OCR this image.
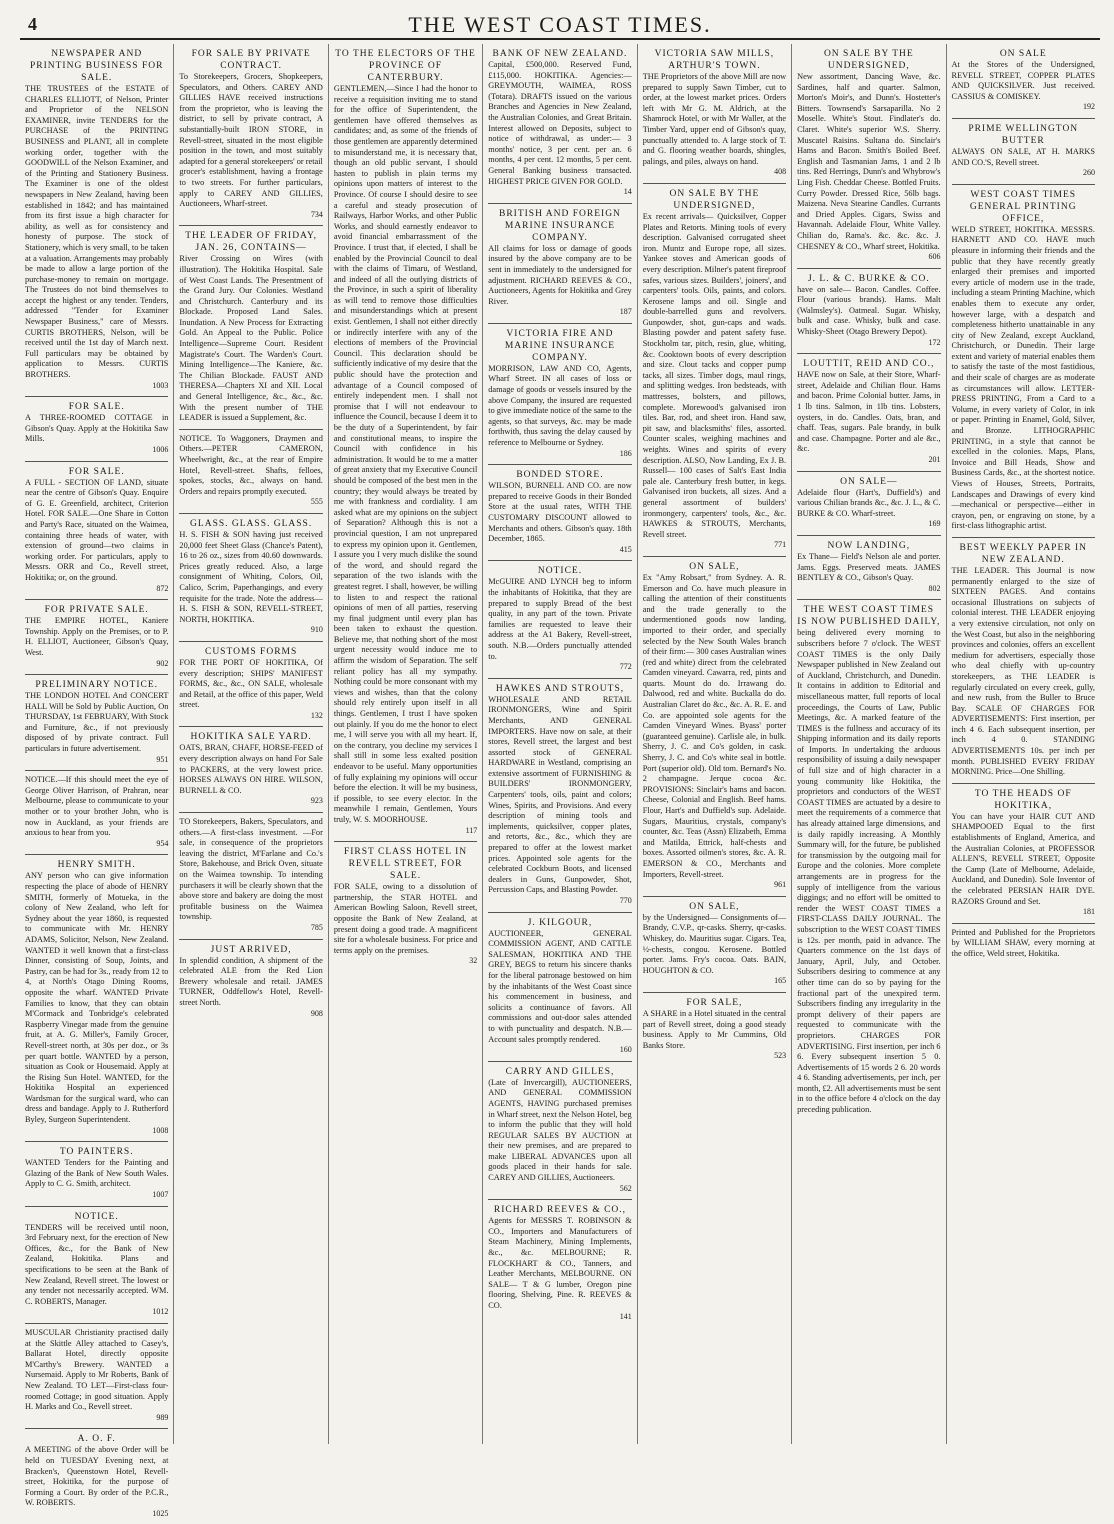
4	THE WEST COAST TIMES.
NEWSPAPER AND PRINTING BUSINESS FOR SALE.
THE TRUSTEES of the ESTATE of CHARLES ELLIOTT, of Nelson, Printer and Proprietor of the NELSON EXAMINER, invite TENDERS for the PURCHASE of the PRINTING BUSINESS and PLANT, all in complete working order, together with the GOODWILL of the Nelson Examiner, and of the Printing and Stationery Business. The Examiner is one of the oldest newspapers in New Zealand, having been established in 1842; and has maintained from its first issue a high character for ability, as well as for consistency and honesty of purpose. The stock of Stationery, which is very small, to be taken at a valuation. Arrangements may probably be made to allow a large portion of the purchase-money to remain on mortgage. The Trustees do not bind themselves to accept the highest or any tender. Tenders, addressed "Tender for Examiner Newspaper Business," care of Messrs. CURTIS BROTHERS, Nelson, will be received until the 1st day of March next. Full particulars may be obtained by application to Messrs. CURTIS BROTHERS.
1003
FOR SALE.
A THREE-ROOMED COTTAGE in Gibson's Quay. Apply at the Hokitika Saw Mills.
1006
FOR SALE.
A FULL - SECTION OF LAND, situate near the centre of Gibson's Quay. Enquire of G. E. Greenfield, architect, Criterion Hotel. FOR SALE.—One Share in Cotton and Party's Race, situated on the Waimea, containing three heads of water, with extension of ground—two claims in working order. For particulars, apply to Messrs. ORR and Co., Revell street, Hokitika; or, on the ground.
872
FOR PRIVATE SALE.
THE EMPIRE HOTEL, Kaniere Township. Apply on the Premises, or to P. H. ELLIOT, Auctioneer, Gibson's Quay, West.
902
PRELIMINARY NOTICE.
THE LONDON HOTEL And CONCERT HALL Will be Sold by Public Auction, On THURSDAY, 1st FEBRUARY, With Stock and Furniture, &c., if not previously disposed of by private contract. Full particulars in future advertisement.
951
NOTICE.—If this should meet the eye of George Oliver Harrison, of Prahran, near Melbourne, please to communicate to your mother or to your brother John, who is now in Auckland, as your friends are anxious to hear from you.
954
HENRY SMITH.
ANY person who can give information respecting the place of abode of HENRY SMITH, formerly of Motueka, in the colony of New Zealand, who left for Sydney about the year 1860, is requested to communicate with Mr. HENRY ADAMS, Solicitor, Nelson, New Zealand. WANTED it well known that a first-class Dinner, consisting of Soup, Joints, and Pastry, can be had for 3s., ready from 12 to 4, at North's Otago Dining Rooms, opposite the wharf. WANTED Private Families to know, that they can obtain M'Cormack and Tonbridge's celebrated Raspberry Vinegar made from the genuine fruit, at A. G. Miller's, Family Grocer, Revell-street north, at 30s per doz., or 3s per quart bottle. WANTED by a person, situation as Cook or Housemaid. Apply at the Rising Sun Hotel. WANTED, for the Hokitika Hospital an experienced Wardsman for the surgical ward, who can dress and bandage. Apply to J. Rutherford Byley, Surgeon Superintendent.
1008
TO PAINTERS.
WANTED Tenders for the Painting and Glazing of the Bank of New South Wales. Apply to C. G. Smith, architect.
1007
NOTICE.
TENDERS will be received until noon, 3rd February next, for the erection of New Offices, &c., for the Bank of New Zealand, Hokitika. Plans and specifications to be seen at the Bank of New Zealand, Revell street. The lowest or any tender not necessarily accepted. WM. C. ROBERTS, Manager.
1012
MUSCULAR Christianity practised daily at the Skittle Alley attached to Casey's, Ballarat Hotel, directly opposite M'Carthy's Brewery. WANTED a Nursemaid. Apply to Mr Roberts, Bank of New Zealand. TO LET—First-class four-roomed Cottage; in good situation. Apply H. Marks and Co., Revell street.
989
A. O. F.
A MEETING of the above Order will be held on TUESDAY Evening next, at Bracken's, Queenstown Hotel, Revell-street, Hokitika, for the purpose of Forming a Court. By order of the P.C.R., W. ROBERTS.
1025
FOR SALE BY PRIVATE CONTRACT.
To Storekeepers, Grocers, Shopkeepers, Speculators, and Others. CAREY AND GILLIES HAVE received instructions from the proprietor, who is leaving the district, to sell by private contract, A substantially-built IRON STORE, in Revell-street, situated in the most eligible position in the town, and most suitably adapted for a general storekeepers' or retail grocer's establishment, having a frontage to two streets. For further particulars, apply to CAREY AND GILLIES, Auctioneers, Wharf-street.
734
THE LEADER OF FRIDAY, JAN. 26, CONTAINS—
River Crossing on Wires (with illustration). The Hokitika Hospital. Sale of West Coast Lands. The Presentment of the Grand Jury. Our Colonies. Westland and Christchurch. Canterbury and its Blockade. Proposed Land Sales. Inundation. A New Process for Extracting Gold. An Appeal to the Public. Police Intelligence—Supreme Court. Resident Magistrate's Court. The Warden's Court. Mining Intelligence—The Kaniere, &c. The Chilian Blockade. FAUST AND THERESA—Chapters XI and XII. Local and General Intelligence, &c., &c., &c. With the present number of THE LEADER is issued a Supplement, &c.
NOTICE. To Waggoners, Draymen and Others.—PETER CAMERON, Wheelwright, &c., at the rear of Empire Hotel, Revell-street. Shafts, felloes, spokes, stocks, &c., always on hand. Orders and repairs promptly executed.
555
GLASS. GLASS. GLASS.
H. S. FISH & SON having just received 20,000 feet Sheet Glass (Chance's Patent), 16 to 26 oz., sizes from 40.60 downwards. Prices greatly reduced. Also, a large consignment of Whiting, Colors, Oil, Calico, Scrim, Paperhangings, and every requisite for the trade. Note the address—H. S. FISH & SON, REVELL-STREET, NORTH, HOKITIKA.
910
CUSTOMS FORMS
FOR THE PORT OF HOKITIKA, Of every description; SHIPS' MANIFEST FORMS, &c., &c., ON SALE, wholesale and Retail, at the office of this paper, Weld street.
132
HOKITIKA SALE YARD.
OATS, BRAN, CHAFF, HORSE-FEED of every description always on hand For Sale to PACKERS, at the very lowest price. HORSES ALWAYS ON HIRE. WILSON, BURNELL & CO.
923
TO Storekeepers, Bakers, Speculators, and others.—A first-class investment. —For sale, in consequence of the proprietors leaving the district, M'Farlane and Co.'s Store, Bakehouse, and Brick Oven, situate on the Waimea township. To intending purchasers it will be clearly shown that the above store and bakery are doing the most profitable business on the Waimea township.
785
JUST ARRIVED,
In splendid condition, A shipment of the celebrated ALE from the Red Lion Brewery wholesale and retail. JAMES TURNER, Oddfellow's Hotel, Revell-street North.
908
TO THE ELECTORS OF THE PROVINCE OF CANTERBURY.
GENTLEMEN,—Since I had the honor to receive a requisition inviting me to stand for the office of Superintendent, the gentlemen have offered themselves as candidates; and, as some of the friends of those gentlemen are apparently determined to misunderstand me, it is necessary that, though an old public servant, I should hasten to publish in plain terms my opinions upon matters of interest to the Province. Of course I should desire to see a careful and steady prosecution of Railways, Harbor Works, and other Public Works, and should earnestly endeavor to avoid financial embarrassment of the Province. I trust that, if elected, I shall be enabled by the Provincial Council to deal with the claims of Timaru, of Westland, and indeed of all the outlying districts of the Province, in such a spirit of liberality as will tend to remove those difficulties and misunderstandings which at present exist. Gentlemen, I shall not either directly or indirectly interfere with any of the elections of members of the Provincial Council. This declaration should be sufficiently indicative of my desire that the public should have the protection and advantage of a Council composed of entirely independent men. I shall not promise that I will not endeavour to influence the Council, because I deem it to be the duty of a Superintendent, by fair and constitutional means, to inspire the Council with confidence in his administration. It would be to me a matter of great anxiety that my Executive Council should be composed of the best men in the country; they would always be treated by me with frankness and cordiality. I am asked what are my opinions on the subject of Separation? Although this is not a provincial question, I am not unprepared to express my opinion upon it. Gentlemen, I assure you I very much dislike the sound of the word, and should regard the separation of the two islands with the greatest regret. I shall, however, be willing to listen to and respect the rational opinions of men of all parties, reserving my final judgment until every plan has been taken to exhaust the question. Believe me, that nothing short of the most urgent necessity would induce me to affirm the wisdom of Separation. The self reliant policy has all my sympathy. Nothing could be more consonant with my views and wishes, than that the colony should rely entirely upon itself in all things. Gentlemen, I trust I have spoken out plainly. If you do me the honor to elect me, I will serve you with all my heart. If, on the contrary, you decline my services I shall still in some less exalted position endeavor to be useful. Many opportunities of fully explaining my opinions will occur before the election. It will be my business, if possible, to see every elector. In the meanwhile I remain, Gentlemen, Yours truly, W. S. MOORHOUSE.
117
FIRST CLASS HOTEL IN REVELL STREET, FOR SALE.
FOR SALE, owing to a dissolution of partnership, the STAR HOTEL and American Bowling Saloon, Revell street, opposite the Bank of New Zealand, at present doing a good trade. A magnificent site for a wholesale business. For price and terms apply on the premises.
32
BANK OF NEW ZEALAND.
Capital, £500,000. Reserved Fund, £115,000. HOKITIKA. Agencies:—GREYMOUTH, WAIMEA, ROSS (Totara). DRAFTS issued on the various Branches and Agencies in New Zealand, the Australian Colonies, and Great Britain. Interest allowed on Deposits, subject to notice of withdrawal, as under:— 3 months' notice, 3 per cent. per an. 6 months, 4 per cent. 12 months, 5 per cent. General Banking business transacted. HIGHEST PRICE GIVEN FOR GOLD.
14
BRITISH AND FOREIGN MARINE INSURANCE COMPANY.
All claims for loss or damage of goods insured by the above company are to be sent in immediately to the undersigned for adjustment. RICHARD REEVES & CO., Auctioneers, Agents for Hokitika and Grey River.
187
VICTORIA FIRE AND MARINE INSURANCE COMPANY.
MORRISON, LAW AND CO, Agents, Wharf Street. IN all cases of loss or damage of goods or vessels insured by the above Company, the insured are requested to give immediate notice of the same to the agents, so that surveys, &c. may be made forthwith, thus saving the delay caused by reference to Melbourne or Sydney.
186
BONDED STORE.
WILSON, BURNELL AND CO. are now prepared to receive Goods in their Bonded Store at the usual rates, WITH THE CUSTOMARY DISCOUNT allowed to Merchants and others. Gibson's quay. 18th December, 1865.
415
NOTICE.
McGUIRE AND LYNCH beg to inform the inhabitants of Hokitika, that they are prepared to supply Bread of the best quality, in any part of the town. Private families are requested to leave their address at the A1 Bakery, Revell-street, south. N.B.—Orders punctually attended to.
772
HAWKES AND STROUTS,
WHOLESALE AND RETAIL IRONMONGERS, Wine and Spirit Merchants, AND GENERAL IMPORTERS. Have now on sale, at their stores, Revell street, the largest and best assorted stock of GENERAL HARDWARE in Westland, comprising an extensive assortment of FURNISHING & BUILDERS' IRONMONGERY, Carpenters' tools, oils, paint and colors; Wines, Spirits, and Provisions. And every description of mining tools and implements, quicksilver, copper plates, and retorts, &c., &c., which they are prepared to offer at the lowest market prices. Appointed sole agents for the celebrated Cockburn Boots, and licensed dealers in Guns, Gunpowder, Shot, Percussion Caps, and Blasting Powder.
770
J. KILGOUR,
AUCTIONEER, GENERAL COMMISSION AGENT, AND CATTLE SALESMAN, HOKITIKA AND THE GREY, BEGS to return his sincere thanks for the liberal patronage bestowed on him by the inhabitants of the West Coast since his commencement in business, and solicits a continuance of favors. All commissions and out-door sales attended to with punctuality and despatch. N.B.—Account sales promptly rendered.
160
CARRY AND GILLES,
(Late of Invercargill), AUCTIONEERS, AND GENERAL COMMISSION AGENTS, HAVING purchased premises in Wharf street, next the Nelson Hotel, beg to inform the public that they will hold REGULAR SALES BY AUCTION at their new premises, and are prepared to make LIBERAL ADVANCES upon all goods placed in their hands for sale. CAREY AND GILLIES, Auctioneers.
562
RICHARD REEVES & CO.,
Agents for MESSRS T. ROBINSON & CO., Importers and Manufacturers of Steam Machinery, Mining Implements, &c., &c. MELBOURNE; R. FLOCKHART & CO., Tanners, and Leather Merchants, MELBOURNE. ON SALE— T & G lumber, Oregon pine flooring, Shelving, Pine. R. REEVES & CO.
141
VICTORIA SAW MILLS, ARTHUR'S TOWN.
THE Proprietors of the above Mill are now prepared to supply Sawn Timber, cut to order, at the lowest market prices. Orders left with Mr G. M. Aldrich, at the Shamrock Hotel, or with Mr Waller, at the Timber Yard, upper end of Gibson's quay, punctually attended to. A large stock of T. and G. flooring weather boards, shingles, palings, and piles, always on hand.
408
ON SALE BY THE UNDERSIGNED,
Ex recent arrivals— Quicksilver, Copper Plates and Retorts. Mining tools of every description. Galvanised corrugated sheet iron. Muntz and Europe rope, all sizes. Yankee stoves and American goods of every description. Milner's patent fireproof safes, various sizes. Builders', joiners', and carpenters' tools. Oils, paints, and colors. Kerosene lamps and oil. Single and double-barrelled guns and revolvers. Gunpowder, shot, gun-caps and wads. Blasting powder and patent safety fuse. Stockholm tar, pitch, resin, glue, whiting, &c. Cooktown boots of every description and size. Clout tacks and copper pump tacks, all sizes. Timber dogs, maul rings, and splitting wedges. Iron bedsteads, with mattresses, bolsters, and pillows, complete. Morewood's galvanised iron tiles. Bar, rod, and sheet iron. Hand saw, pit saw, and blacksmiths' files, assorted. Counter scales, weighing machines and weights. Wines and spirits of every description. ALSO, Now Landing, Ex J. B. Russell— 100 cases of Salt's East India pale ale. Canterbury fresh butter, in kegs. Galvanised iron buckets, all sizes. And a general assortment of builders' ironmongery, carpenters' tools, &c., &c. HAWKES & STROUTS, Merchants, Revell street.
771
ON SALE,
Ex "Amy Robsart," from Sydney. A. R. Emerson and Co. have much pleasure in calling the attention of their constituents and the trade generally to the undermentioned goods now landing, imported to their order, and specially selected by the New South Wales branch of their firm:— 300 cases Australian wines (red and white) direct from the celebrated Camden vineyard. Cawarra, red, pints and quarts. Mount do do. Irrawang do. Dalwood, red and white. Buckalla do do. Australian Claret do &c., &c. A. R. E. and Co. are appointed sole agents for the Camden Vineyard Wines. Byass' porter (guaranteed genuine). Carlisle ale, in bulk. Sherry, J. C. and Co's golden, in cask. Sherry, J. C. and Co's white seal in bottle. Port (superior old). Old tom. Bernard's No. 2 champagne. Jerque cocoa &c. PROVISIONS: Sinclair's hams and bacon. Cheese, Colonial and English. Beef hams. Flour, Hart's and Duffield's sup. Adelaide. Sugars, Mauritius, crystals, company's counter, &c. Teas (Assn) Elizabeth, Emma and Matilda, Ettrick, half-chests and boxes. Assorted oilmen's stores, &c. A. R. EMERSON & CO., Merchants and Importers, Revell-street.
961
ON SALE,
by the Undersigned— Consignments of— Brandy, C.V.P., qr-casks. Sherry, qr-casks. Whiskey, do. Mauritius sugar. Cigars. Tea, ½-chests, congou. Kerosene. Bottled porter. Jams. Fry's cocoa. Oats. BAIN, HOUGHTON & CO.
165
FOR SALE,
A SHARE in a Hotel situated in the central part of Revell street, doing a good steady business. Apply to Mr Cummins, Old Banks Store.
523
ON SALE BY THE UNDERSIGNED,
New assortment, Dancing Wave, &c. Sardines, half and quarter. Salmon, Morton's Moir's, and Dunn's. Hostetter's Bitters. Townsend's Sarsaparilla. No 2 Moselle. White's Stout. Findlater's do. Claret. White's superior W.S. Sherry. Muscatel Raisins. Sultana do. Sinclair's Hams and Bacon. Smith's Boiled Beef. English and Tasmanian Jams, 1 and 2 lb tins. Red Herrings, Dunn's and Whybrow's Ling Fish. Cheddar Cheese. Bottled Fruits. Curry Powder. Dressed Rice, 56lb bags. Maizena. Neva Stearine Candles. Currants and Dried Apples. Cigars, Swiss and Havannah. Adelaide Flour, White Valley. Chilian do, Rama's. &c. &c. &c. J. CHESNEY & CO., Wharf street, Hokitika.
606
J. L. & C. BURKE & CO.
have on sale— Bacon. Candles. Coffee. Flour (various brands). Hams. Malt (Walmsley's). Oatmeal. Sugar. Whisky, bulk and case. Whisky, bulk and case. Whisky-Sheet (Otago Brewery Depot).
172
LOUTTIT, REID AND CO.,
HAVE now on Sale, at their Store, Wharf-street, Adelaide and Chilian flour. Hams and bacon. Prime Colonial butter. Jams, in 1 lb tins. Salmon, in 1lb tins. Lobsters, oysters, in do. Candles. Oats, bran, and chaff. Teas, sugars. Pale brandy, in bulk and case. Champagne. Porter and ale &c., &c.
201
ON SALE—
Adelaide flour (Hart's, Duffield's) and various Chilian brands &c., &c. J. L., & C. BURKE & CO. Wharf-street.
169
NOW LANDING,
Ex Thane— Field's Nelson ale and porter. Jams. Eggs. Preserved meats. JAMES BENTLEY & CO., Gibson's Quay.
802
THE WEST COAST TIMES IS NOW PUBLISHED DAILY,
being delivered every morning to subscribers before 7 o'clock. The WEST COAST TIMES is the only Daily Newspaper published in New Zealand out of Auckland, Christchurch, and Dunedin. It contains in addition to Editorial and miscellaneous matter, full reports of local proceedings, the Courts of Law, Public Meetings, &c. A marked feature of the TIMES is the fullness and accuracy of its Shipping information and its daily reports of Imports. In undertaking the arduous responsibility of issuing a daily newspaper of full size and of high character in a young community like Hokitika, the proprietors and conductors of the WEST COAST TIMES are actuated by a desire to meet the requirements of a commerce that has already attained large dimensions, and is daily rapidly increasing. A Monthly Summary will, for the future, be published for transmission by the outgoing mail for Europe and the colonies. More complete arrangements are in progress for the supply of intelligence from the various diggings; and no effort will be omitted to render the WEST COAST TIMES a FIRST-CLASS DAILY JOURNAL. The subscription to the WEST COAST TIMES is 12s. per month, paid in advance. The Quarters commence on the 1st days of January, April, July, and October. Subscribers desiring to commence at any other time can do so by paying for the fractional part of the unexpired term. Subscribers finding any irregularity in the prompt delivery of their papers are requested to communicate with the proprietors. CHARGES FOR ADVERTISING. First insertion, per inch 6 6. Every subsequent insertion 5 0. Advertisements of 15 words 2 6. 20 words 4 6. Standing advertisements, per inch, per month, £2. All advertisements must be sent in to the office before 4 o'clock on the day preceding publication.
ON SALE
At the Stores of the Undersigned, REVELL STREET, COPPER PLATES AND QUICKSILVER. Just received. CASSIUS & COMISKEY.
192
PRIME WELLINGTON BUTTER
ALWAYS ON SALE, AT H. MARKS AND CO.'S, Revell street.
260
WEST COAST TIMES GENERAL PRINTING OFFICE,
WELD STREET, HOKITIKA. MESSRS. HARNETT AND CO. HAVE much pleasure in informing their friends and the public that they have recently greatly enlarged their premises and imported every article of modern use in the trade, including a steam Printing Machine, which enables them to execute any order, however large, with a despatch and completeness hitherto unattainable in any city of New Zealand, except Auckland, Christchurch, or Dunedin. Their large extent and variety of material enables them to satisfy the taste of the most fastidious, and their scale of charges are as moderate as circumstances will allow. LETTER-PRESS PRINTING, From a Card to a Volume, in every variety of Color, in ink or paper. Printing in Enamel, Gold, Silver, and Bronze. LITHOGRAPHIC PRINTING, in a style that cannot be excelled in the colonies. Maps, Plans, Invoice and Bill Heads, Show and Business Cards, &c., at the shortest notice. Views of Houses, Streets, Portraits, Landscapes and Drawings of every kind —mechanical or perspective—either in crayon, pen, or engraving on stone, by a first-class lithographic artist.
BEST WEEKLY PAPER IN NEW ZEALAND.
THE LEADER. This Journal is now permanently enlarged to the size of SIXTEEN PAGES. And contains occasional Illustrations on subjects of colonial interest. THE LEADER enjoying a very extensive circulation, not only on the West Coast, but also in the neighboring provinces and colonies, offers an excellent medium for advertisers, especially those who deal chiefly with up-country storekeepers, as THE LEADER is regularly circulated on every creek, gully, and new rush, from the Buller to Bruce Bay. SCALE OF CHARGES FOR ADVERTISEMENTS: First insertion, per inch 4 6. Each subsequent insertion, per inch 4 0. STANDING ADVERTISEMENTS 10s. per inch per month. PUBLISHED EVERY FRIDAY MORNING. Price—One Shilling.
TO THE HEADS OF HOKITIKA,
You can have your HAIR CUT AND SHAMPOOED Equal to the first establishments of England, America, and the Australian Colonies, at PROFESSOR ALLEN'S, REVELL STREET, Opposite the Camp (Late of Melbourne, Adelaide, Auckland, and Dunedin). Sole Inventor of the celebrated PERSIAN HAIR DYE. RAZORS Ground and Set.
181
Printed and Published for the Proprietors by WILLIAM SHAW, every morning at the office, Weld street, Hokitika.
